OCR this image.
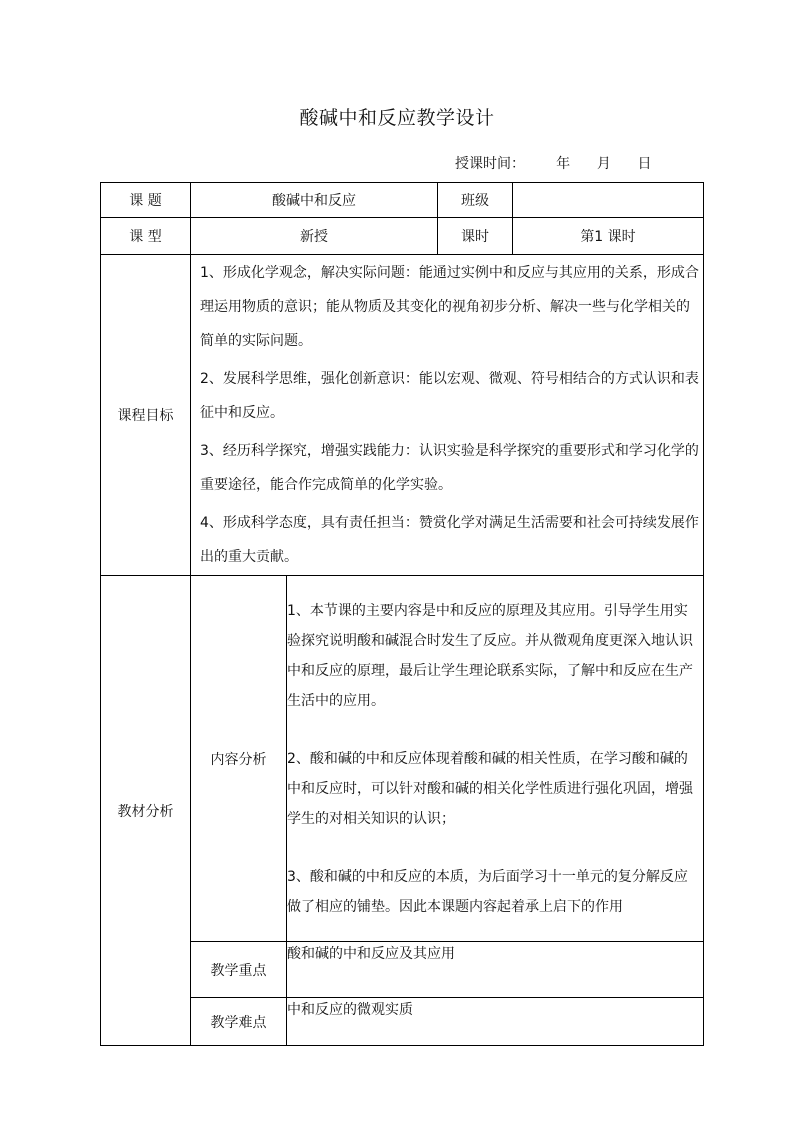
酸碱中和反应教学设计
授课时间：       年      月      日
课 题	酸碱中和反应		班级	
课 型	新授		课时	第1 课时
课程目标	1、形成化学观念，解决实际问题：能通过实例中和反应与其应用的关系，形成合理运用物质的意识；能从物质及其变化的视角初步分析、解决一些与化学相关的简单的实际问题。

2、发展科学思维，强化创新意识：能以宏观、微观、符号相结合的方式认识和表征中和反应。

3、经历科学探究，增强实践能力：认识实验是科学探究的重要形式和学习化学的重要途径，能合作完成简单的化学实验。

4、形成科学态度，具有责任担当：赞赏化学对满足生活需要和社会可持续发展作出的重大贡献。			

教材分析	内容分析	1、本节课的主要内容是中和反应的原理及其应用。引导学生用实验探究说明酸和碱混合时发生了反应。并从微观角度更深入地认识中和反应的原理，最后让学生理论联系实际，了解中和反应在生产生活中的应用。

2、酸和碱的中和反应体现着酸和碱的相关性质，在学习酸和碱的中和反应时，可以针对酸和碱的相关化学性质进行强化巩固，增强学生的对相关知识的认识；

3、酸和碱的中和反应的本质，为后面学习十一单元的复分解反应做了相应的铺垫。因此本课题内容起着承上启下的作用		

	教学重点	酸和碱的中和反应及其应用		
	教学难点	中和反应的微观实质		
